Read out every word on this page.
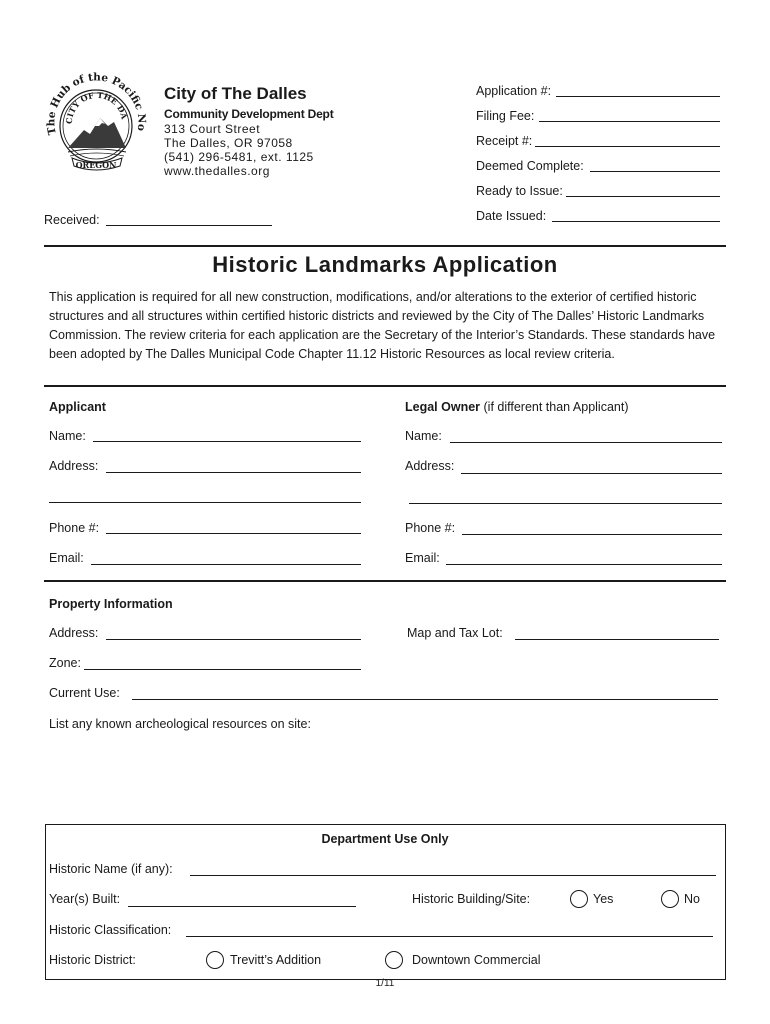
The Hub of the Pacific No
CITY OF THE DA
OREGON
City of The Dalles
Community Development Dept
313 Court Street
The Dalles, OR 97058
(541) 296-5481, ext. 1125
www.thedalles.org
Application #:
Filing Fee:
Receipt #:
Deemed Complete:
Ready to Issue:
Date Issued:
Received:
Historic Landmarks Application
This application is required for all new construction, modifications, and/or alterations to the exterior of certified historic structures and all structures within certified historic districts and reviewed by the City of The Dalles’ Historic Landmarks Commission. The review criteria for each application are the Secretary of the Interior’s Standards. These standards have been adopted by The Dalles Municipal Code Chapter 11.12 Historic Resources as local review criteria.
Applicant
Name:
Address:
Phone #:
Email:
Legal Owner (if different than Applicant)
Name:
Address:
Phone #:
Email:
Property Information
Address:	Map and Tax Lot:
Zone:
Current Use:
List any known archeological resources on site:
Department Use Only
Historic Name (if any):
Year(s) Built:	Historic Building/Site:	Yes	No
Historic Classification:
Historic District:	Trevitt’s Addition	Downtown Commercial
1/11
